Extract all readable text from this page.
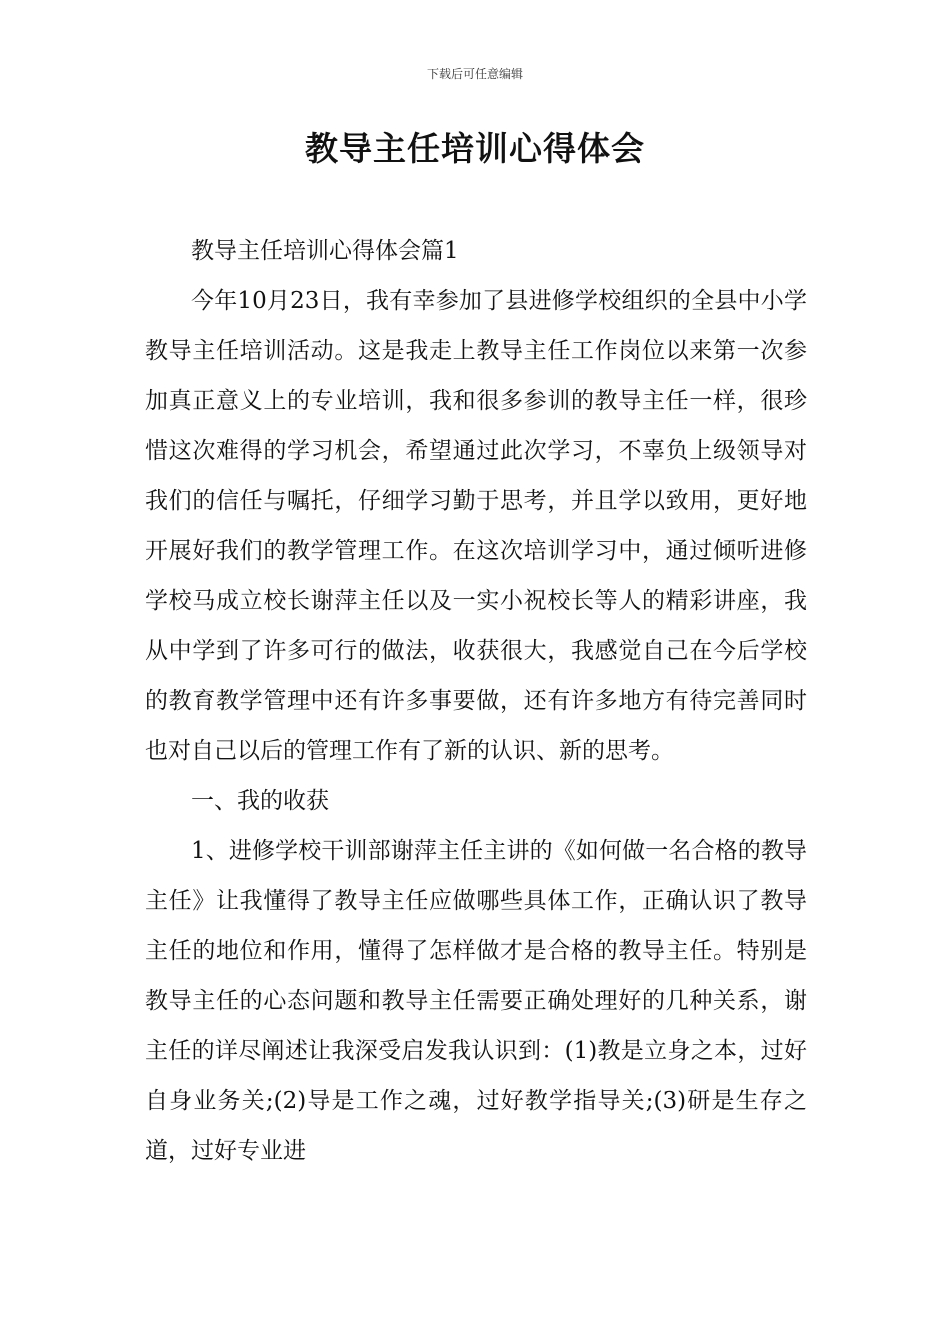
下载后可任意编辑
教导主任培训心得体会

教导主任培训心得体会篇1

今年10月23日，我有幸参加了县进修学校组织的全县中小学教导主任培训活动。这是我走上教导主任工作岗位以来第一次参加真正意义上的专业培训，我和很多参训的教导主任一样，很珍惜这次难得的学习机会，希望通过此次学习，不辜负上级领导对我们的信任与嘱托，仔细学习勤于思考，并且学以致用，更好地开展好我们的教学管理工作。在这次培训学习中，通过倾听进修学校马成立校长谢萍主任以及一实小祝校长等人的精彩讲座，我从中学到了许多可行的做法，收获很大，我感觉自己在今后学校的教育教学管理中还有许多事要做，还有许多地方有待完善同时也对自己以后的管理工作有了新的认识、新的思考。

一、我的收获

1、进修学校干训部谢萍主任主讲的《如何做一名合格的教导主任》让我懂得了教导主任应做哪些具体工作，正确认识了教导主任的地位和作用，懂得了怎样做才是合格的教导主任。特别是教导主任的心态问题和教导主任需要正确处理好的几种关系，谢主任的详尽阐述让我深受启发我认识到：(1)教是立身之本，过好自身业务关;(2)导是工作之魂，过好教学指导关;(3)研是生存之道，过好专业进
